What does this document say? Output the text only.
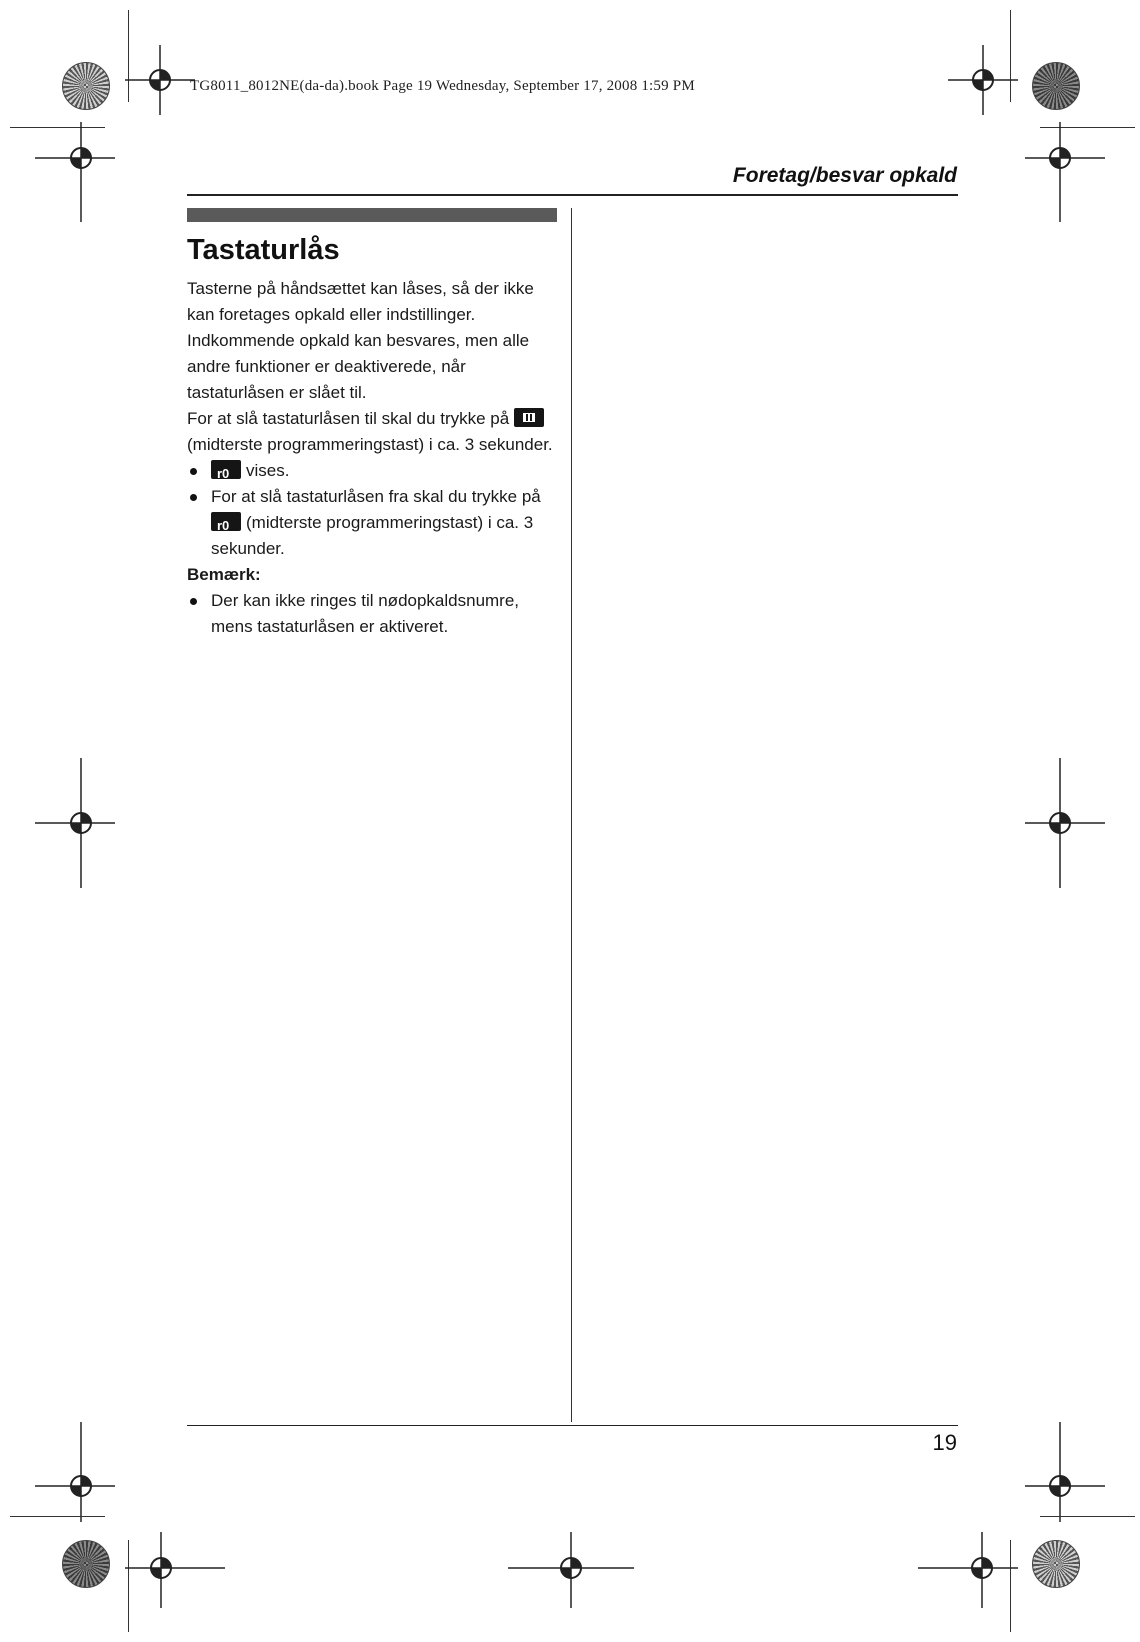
TG8011_8012NE(da-da).book Page 19 Wednesday, September 17, 2008 1:59 PM
Foretag/besvar opkald
Tastaturlås

Tasterne på håndsættet kan låses, så der ikke kan foretages opkald eller indstillinger. Indkommende opkald kan besvares, men alle andre funktioner er deaktiverede, når tastaturlåsen er slået til.

For at slå tastaturlåsen til skal du trykke på (midterste programmeringstast) i ca. 3 sekunder.

r0vises.
For at slå tastaturlåsen fra skal du trykke på r0(midterste programmeringstast) i ca. 3 sekunder.

Bemærk:

Der kan ikke ringes til nødopkaldsnumre, mens tastaturlåsen er aktiveret.
19
